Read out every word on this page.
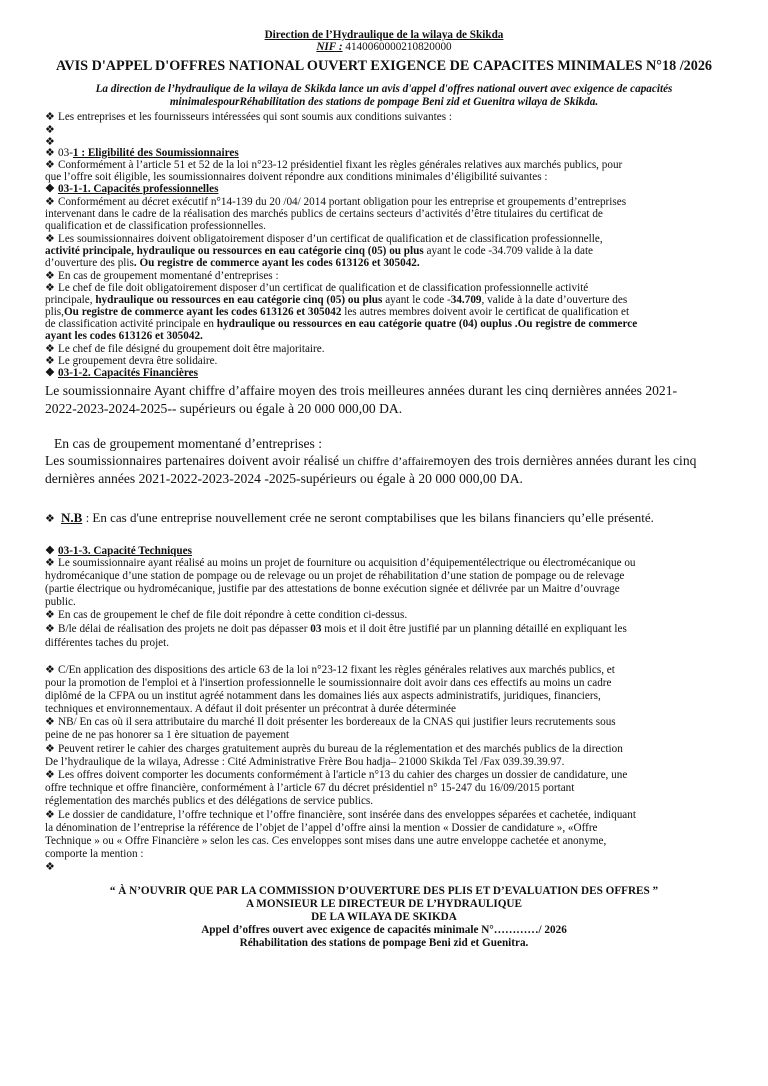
Direction de l’Hydraulique de la wilaya de Skikda

NIF : 4140060000210820000

AVIS D'APPEL D'OFFRES NATIONAL OUVERT EXIGENCE DE CAPACITES MINIMALES N°18 /2026

La direction de l’hydraulique de la wilaya de Skikda lance un avis d'appel d'offres national ouvert avec exigence de capacités

minimalespourRéhabilitation des stations de pompage Beni zid et Guenitra wilaya de Skikda.

❖ Les entreprises et les fournisseurs intéressées qui sont soumis aux conditions suivantes :

❖

❖

❖ 03-1 : Eligibilité des Soumissionnaires

❖ Conformément à l’article 51 et 52 de la loi n°23-12 présidentiel fixant les règles générales relatives aux marchés publics, pour

que l’offre soit éligible, les soumissionnaires doivent répondre aux conditions minimales d’éligibilité suivantes :

❖ 03-1-1. Capacités professionnelles

❖ Conformément au décret exécutif n°14-139 du 20 /04/ 2014 portant obligation pour les entreprise et groupements d’entreprises

intervenant dans le cadre de la réalisation des marchés publics de certains secteurs d’activités d’être titulaires du certificat de

qualification et de classification professionnelles.

❖ Les soumissionnaires doivent obligatoirement disposer d’un certificat de qualification et de classification professionnelle,

activité principale, hydraulique ou ressources en eau catégorie cinq (05) ou plus ayant le code -34.709 valide à la date

d’ouverture des plis. Ou registre de commerce ayant les codes 613126 et 305042.

❖ En cas de groupement momentané d’entreprises :

❖ Le chef de file doit obligatoirement disposer d’un certificat de qualification et de classification professionnelle activité

principale, hydraulique ou ressources en eau catégorie cinq (05) ou plus ayant le code -34.709, valide à la date d’ouverture des

plis,Ou registre de commerce ayant les codes 613126 et 305042 les autres membres doivent avoir le certificat de qualification et

de classification activité principale en hydraulique ou ressources en eau catégorie quatre (04) ouplus .Ou registre de commerce

ayant les codes 613126 et 305042.

❖ Le chef de file désigné du groupement doit être majoritaire.

❖ Le groupement devra être solidaire.

❖ 03-1-2. Capacités Financières

Le soumissionnaire Ayant chiffre d’affaire moyen des trois meilleures années durant les cinq dernières années 2021-

2022-2023-2024-2025-- supérieurs ou égale à 20 000 000,00 DA.

En cas de groupement momentané d’entreprises :

Les soumissionnaires partenaires doivent avoir réalisé un chiffre d’affairemoyen des trois dernières années durant les cinq

dernières années 2021-2022-2023-2024 -2025-supérieurs ou égale à 20 000 000,00 DA.

❖ N.B : En cas d'une entreprise nouvellement crée ne seront comptabilises que les bilans financiers qu’elle présenté.

❖ 03-1-3. Capacité Techniques

❖ Le soumissionnaire ayant réalisé au moins un projet de fourniture ou acquisition d’équipementélectrique ou électromécanique ou

hydromécanique d’une station de pompage ou de relevage ou un projet de réhabilitation d’une station de pompage ou de relevage

(partie électrique ou hydromécanique, justifie par des attestations de bonne exécution signée et délivrée par un Maitre d’ouvrage

public.

❖ En cas de groupement le chef de file doit répondre à cette condition ci-dessus.

❖ B/le délai de réalisation des projets ne doit pas dépasser 03 mois et il doit être justifié par un planning détaillé en expliquant les

différentes taches du projet.

❖ C/En application des dispositions des article 63 de la loi n°23-12 fixant les règles générales relatives aux marchés publics, et

pour la promotion de l'emploi et à l'insertion professionnelle le soumissionnaire doit avoir dans ces effectifs au moins un cadre

diplômé de la CFPA ou un institut agréé notamment dans les domaines liés aux aspects administratifs, juridiques, financiers,

techniques et environnementaux. A défaut il doit présenter un précontrat à durée déterminée

❖ NB/ En cas où il sera attributaire du marché Il doit présenter les bordereaux de la CNAS qui justifier leurs recrutements sous

peine de ne pas honorer sa 1 ère situation de payement

❖ Peuvent retirer le cahier des charges gratuitement auprès du bureau de la réglementation et des marchés publics de la direction

De l’hydraulique de la wilaya, Adresse : Cité Administrative Frère Bou hadja– 21000 Skikda Tel /Fax 039.39.39.97.

❖ Les offres doivent comporter les documents conformément à l'article n°13 du cahier des charges un dossier de candidature, une

offre technique et offre financière, conformément à l’article 67 du décret présidentiel n° 15-247 du 16/09/2015 portant

réglementation des marchés publics et des délégations de service publics.

❖ Le dossier de candidature, l’offre technique et l’offre financière, sont insérée dans des enveloppes séparées et cachetée, indiquant

la dénomination de l’entreprise la référence de l’objet de l’appel d’offre ainsi la mention « Dossier de candidature », «Offre

Technique » ou « Offre Financière » selon les cas. Ces enveloppes sont mises dans une autre enveloppe cachetée et anonyme,

comporte la mention :

❖

“ À N’OUVRIR QUE PAR LA COMMISSION D’OUVERTURE DES PLIS ET D’EVALUATION DES OFFRES ”

A MONSIEUR LE DIRECTEUR DE L’HYDRAULIQUE

DE LA WILAYA DE SKIKDA

Appel d’offres ouvert avec exigence de capacités minimale N°…………/ 2026

Réhabilitation des stations de pompage Beni zid et Guenitra.
